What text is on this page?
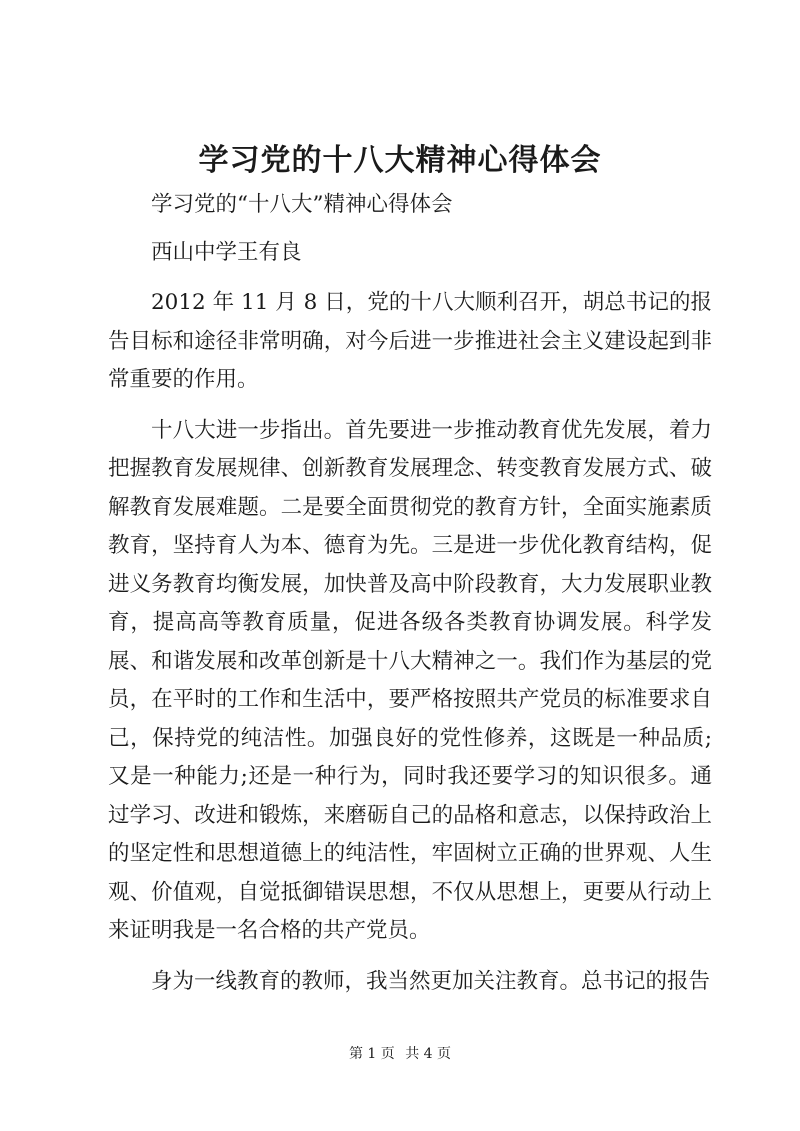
学习党的十八大精神心得体会

学习党的“十八大”精神心得体会

西山中学王有良

2012 年 11 月 8 日，党的十八大顺利召开，胡总书记的报告目标和途径非常明确，对今后进一步推进社会主义建设起到非常重要的作用。

十八大进一步指出。首先要进一步推动教育优先发展，着力把握教育发展规律、创新教育发展理念、转变教育发展方式、破解教育发展难题。二是要全面贯彻党的教育方针，全面实施素质教育，坚持育人为本、德育为先。三是进一步优化教育结构，促进义务教育均衡发展，加快普及高中阶段教育，大力发展职业教育，提高高等教育质量，促进各级各类教育协调发展。科学发展、和谐发展和改革创新是十八大精神之一。我们作为基层的党员，在平时的工作和生活中，要严格按照共产党员的标准要求自己，保持党的纯洁性。加强良好的党性修养，这既是一种品质;又是一种能力;还是一种行为，同时我还要学习的知识很多。通过学习、改进和锻炼，来磨砺自己的品格和意志，以保持政治上的坚定性和思想道德上的纯洁性，牢固树立正确的世界观、人生观、价值观，自觉抵御错误思想，不仅从思想上，更要从行动上来证明我是一名合格的共产党员。

身为一线教育的教师，我当然更加关注教育。总书记的报告

第 1 页 共 4 页
